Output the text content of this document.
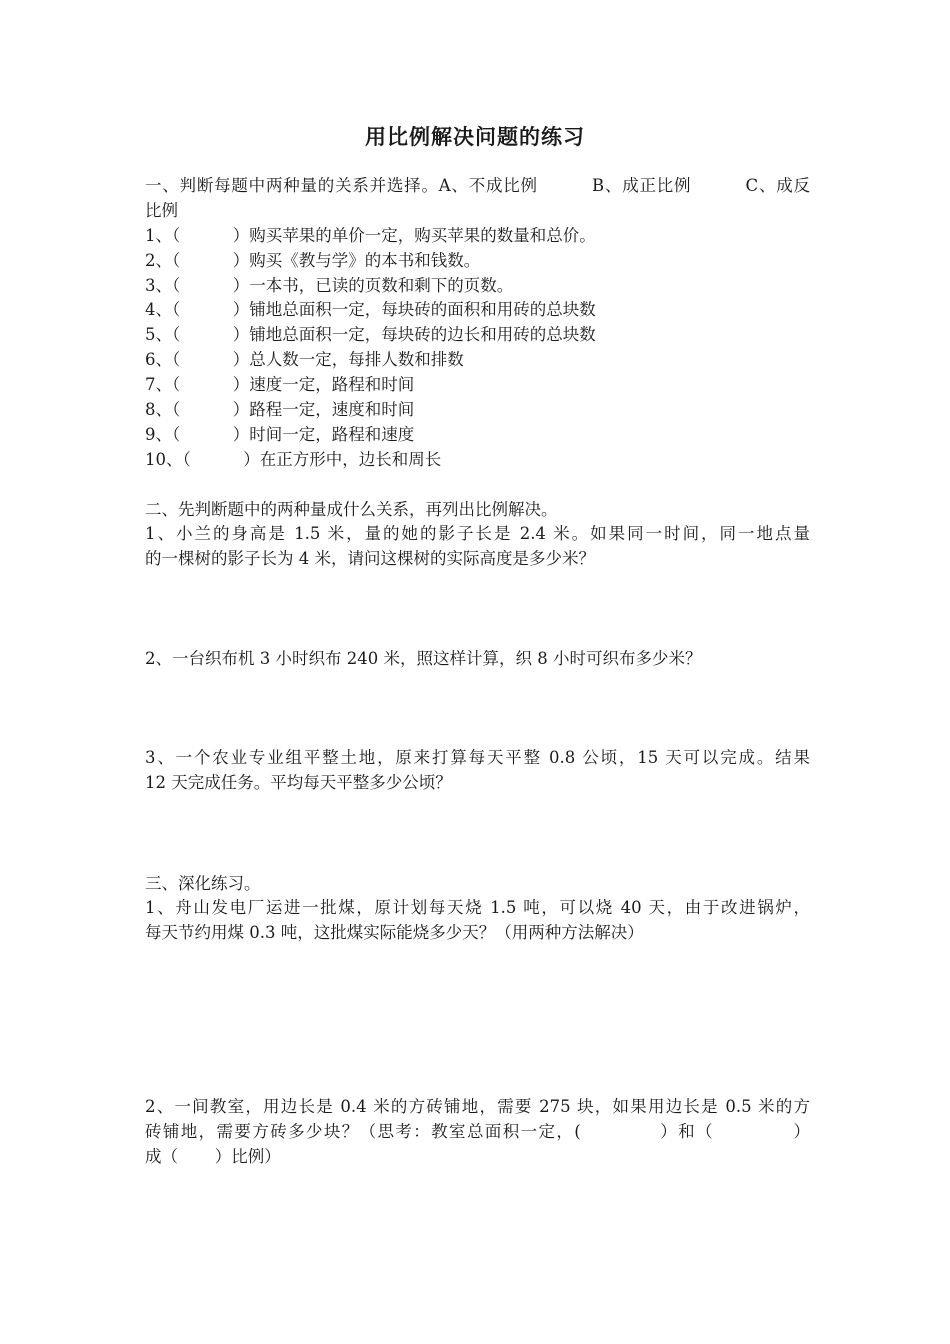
用比例解决问题的练习
一、判断每题中两种量的关系并选择。A、不成比例         B、成正比例         C、成反
比例
1、（          ）购买苹果的单价一定，购买苹果的数量和总价。
2、（          ）购买《教与学》的本书和钱数。
3、（          ）一本书，已读的页数和剩下的页数。
4、（          ）铺地总面积一定，每块砖的面积和用砖的总块数
5、（          ）铺地总面积一定，每块砖的边长和用砖的总块数
6、（          ）总人数一定，每排人数和排数
7、（          ）速度一定，路程和时间
8、（          ）路程一定，速度和时间
9、（          ）时间一定，路程和速度
10、（          ）在正方形中，边长和周长
二、先判断题中的两种量成什么关系，再列出比例解决。
1、小兰的身高是 1.5 米，量的她的影子长是 2.4 米。如果同一时间，同一地点量
的一棵树的影子长为 4 米，请问这棵树的实际高度是多少米？
2、一台织布机 3 小时织布 240 米，照这样计算，织 8 小时可织布多少米？
3、一个农业专业组平整土地，原来打算每天平整 0.8 公顷，15 天可以完成。结果
12 天完成任务。平均每天平整多少公顷？
三、深化练习。
1、舟山发电厂运进一批煤，原计划每天烧 1.5 吨，可以烧 40 天，由于改进锅炉，
每天节约用煤 0.3 吨，这批煤实际能烧多少天？（用两种方法解决）
2、一间教室，用边长是 0.4 米的方砖铺地，需要 275 块，如果用边长是 0.5 米的方
砖铺地，需要方砖多少块？（思考：教室总面积一定，(            ）和（            ）
成（       ）比例）
